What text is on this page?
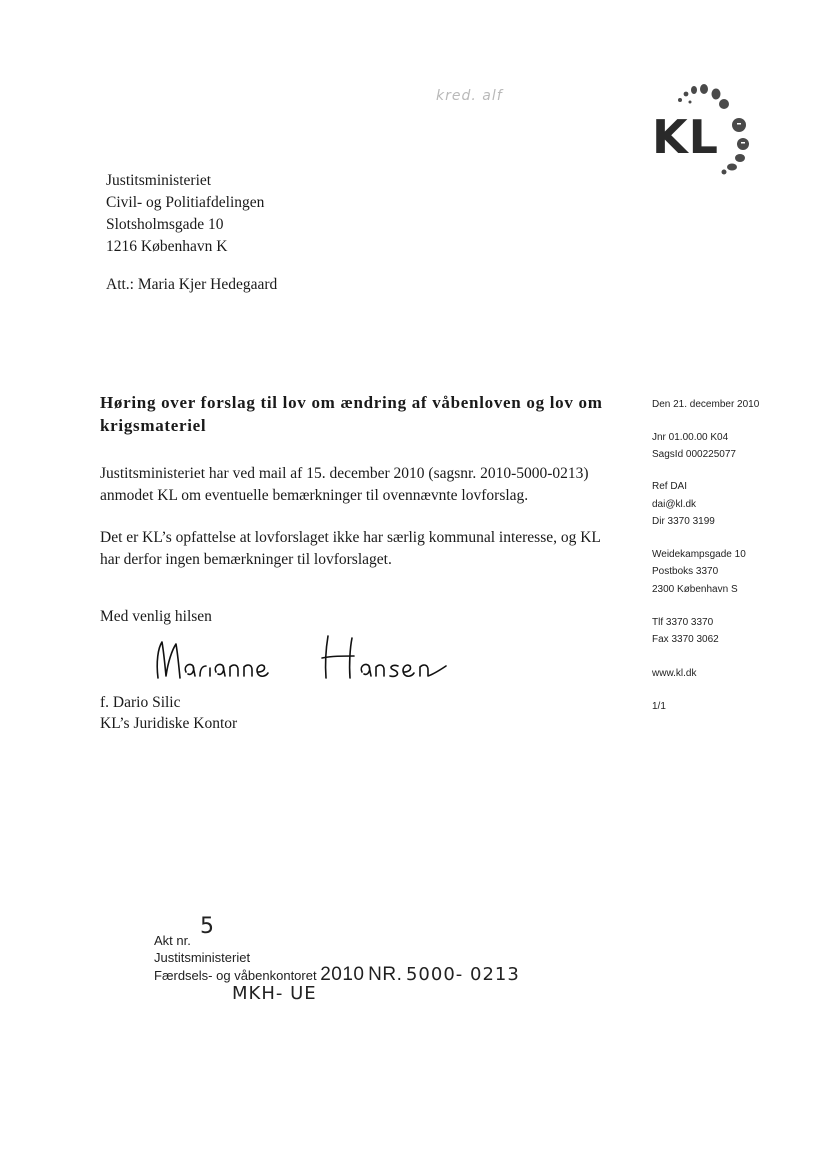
kred. alf
KL
Justitsministeriet
Civil- og Politiafdelingen
Slotsholmsgade 10
1216 København K
Att.: Maria Kjer Hedegaard
Høring over forslag til lov om ændring af våbenloven og lov om krigsmateriel
Justitsministeriet har ved mail af 15. december 2010 (sagsnr. 2010-5000-0213) anmodet KL om eventuelle bemærkninger til ovennævnte lovforslag.
Det er KL’s opfattelse at lovforslaget ikke har særlig kommunal interesse, og KL har derfor ingen bemærkninger til lovforslaget.
Med venlig hilsen
f. Dario Silic
KL’s Juridiske Kontor
Den 21. december 2010
Jnr 01.00.00 K04
SagsId 000225077
Ref DAI
dai@kl.dk
Dir 3370 3199
Weidekampsgade 10
Postboks 3370
2300 København S
Tlf 3370 3370
Fax 3370 3062
www.kl.dk
1/1
Akt nr.
Justitsministeriet
Færdsels- og våbenkontoret 2010 NR. 5000- 0213
5
MKH- UE
